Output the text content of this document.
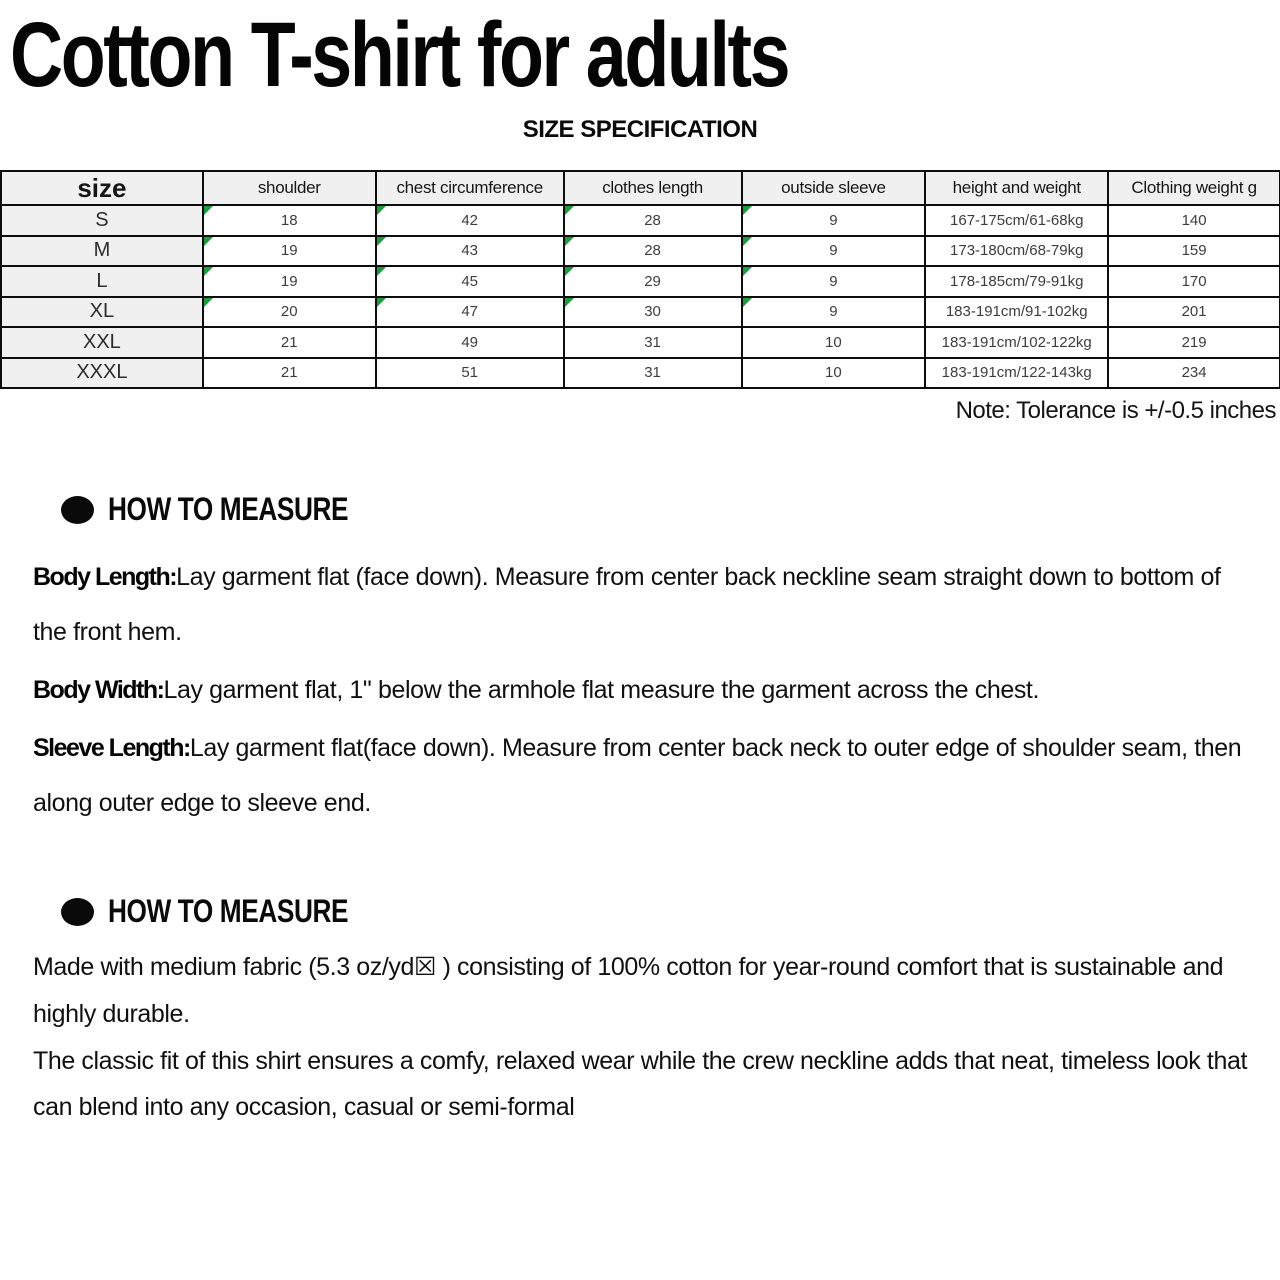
Cotton T-shirt for adults
SIZE SPECIFICATION
size	shoulder	chest circumference	clothes length	outside sleeve	height and weight	Clothing weight g
S	18	42	28	9	167-175cm/61-68kg	140
M	19	43	28	9	173-180cm/68-79kg	159
L	19	45	29	9	178-185cm/79-91kg	170
XL	20	47	30	9	183-191cm/91-102kg	201
XXL	21	49	31	10	183-191cm/102-122kg	219
XXXL	21	51	31	10	183-191cm/122-143kg	234
Note: Tolerance is +/-0.5 inches
HOW TO MEASURE

Body Length:Lay garment flat (face down). Measure from center back neckline seam straight down to bottom of the front hem.

Body Width:Lay garment flat, 1" below the armhole flat measure the garment across the chest.

Sleeve Length:Lay garment flat(face down). Measure from center back neck to outer edge of shoulder seam, then along outer edge to sleeve end.

HOW TO MEASURE

Made with medium fabric (5.3 oz/yd☒ ) consisting of 100% cotton for year-round comfort that is sustainable and highly durable.

The classic fit of this shirt ensures a comfy, relaxed wear while the crew neckline adds that neat, timeless look that can blend into any occasion, casual or semi-formal
